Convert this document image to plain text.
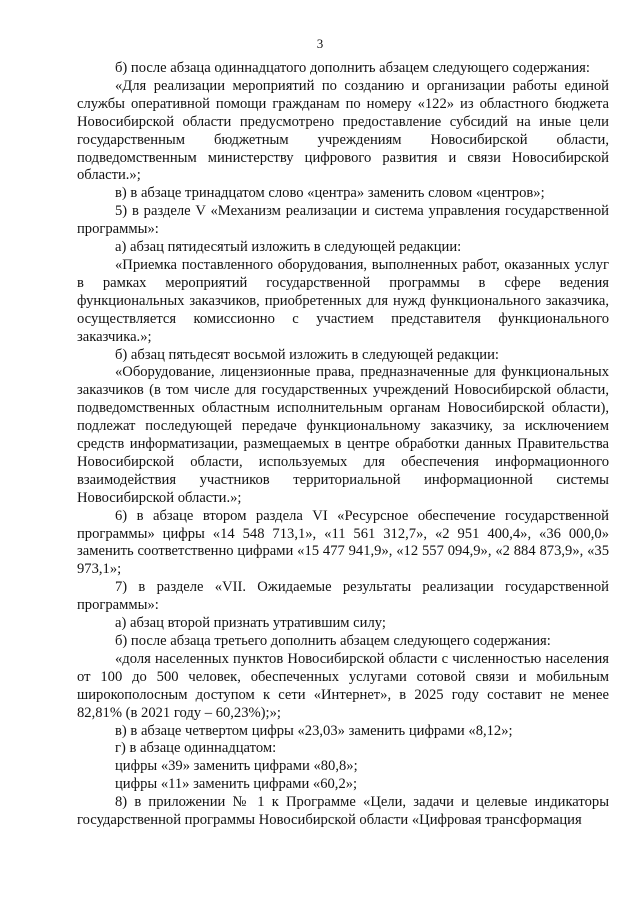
3

б) после абзаца одиннадцатого дополнить абзацем следующего содержания:

«Для реализации мероприятий по созданию и организации работы единой службы оперативной помощи гражданам по номеру «122» из областного бюджета Новосибирской области предусмотрено предоставление субсидий на иные цели государственным бюджетным учреждениям Новосибирской области, подведомственным министерству цифрового развития и связи Новосибирской области.»;

в) в абзаце тринадцатом слово «центра» заменить словом «центров»;

5) в разделе V «Механизм реализации и система управления государственной программы»:

а) абзац пятидесятый изложить в следующей редакции:

«Приемка поставленного оборудования, выполненных работ, оказанных услуг в рамках мероприятий государственной программы в сфере ведения функциональных заказчиков, приобретенных для нужд функционального заказчика, осуществляется комиссионно с участием представителя функционального заказчика.»;

б) абзац пятьдесят восьмой изложить в следующей редакции:

«Оборудование, лицензионные права, предназначенные для функциональных заказчиков (в том числе для государственных учреждений Новосибирской области, подведомственных областным исполнительным органам Новосибирской области), подлежат последующей передаче функциональному заказчику, за исключением средств информатизации, размещаемых в центре обработки данных Правительства Новосибирской области, используемых для обеспечения информационного взаимодействия участников территориальной информационной системы Новосибирской области.»;

6) в абзаце втором раздела VI «Ресурсное обеспечение государственной программы» цифры «14 548 713,1», «11 561 312,7», «2 951 400,4», «36 000,0» заменить соответственно цифрами «15 477 941,9», «12 557 094,9», «2 884 873,9», «35 973,1»;

7) в разделе «VII. Ожидаемые результаты реализации государственной программы»:

а) абзац второй признать утратившим силу;

б) после абзаца третьего дополнить абзацем следующего содержания:

«доля населенных пунктов Новосибирской области с численностью населения от 100 до 500 человек, обеспеченных услугами сотовой связи и мобильным широкополосным доступом к сети «Интернет», в 2025 году составит не менее 82,81% (в 2021 году – 60,23%);»;

в) в абзаце четвертом цифры «23,03» заменить цифрами «8,12»;

г) в абзаце одиннадцатом:

цифры «39» заменить цифрами «80,8»;

цифры «11» заменить цифрами «60,2»;

8) в приложении № 1 к Программе «Цели, задачи и целевые индикаторы государственной программы Новосибирской области «Цифровая трансформация
